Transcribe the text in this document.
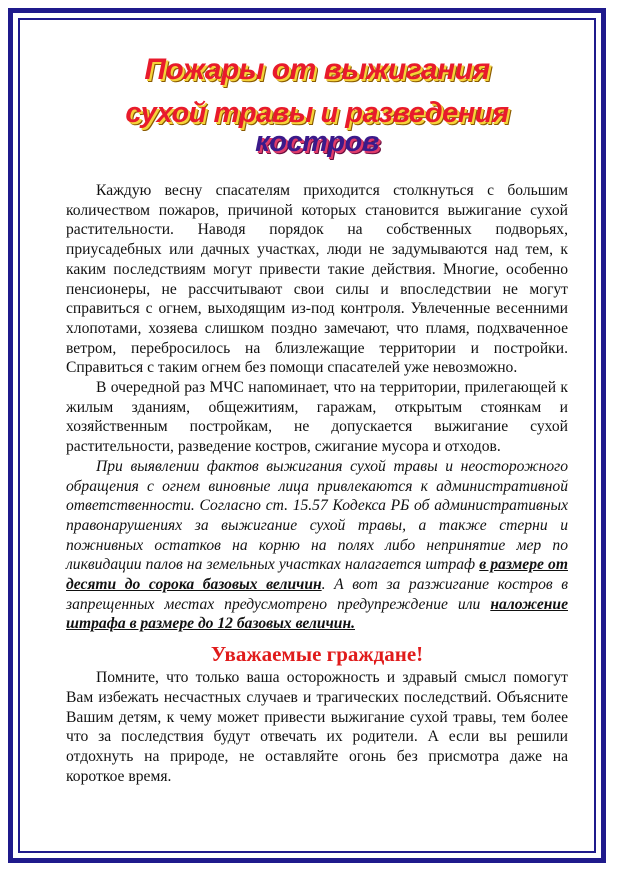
Пожары от выжигания
сухой травы и разведения костров

Каждую весну спасателям приходится столкнуться с большим количеством пожаров, причиной которых становится выжигание сухой растительности. Наводя порядок на собственных подворьях, приусадебных или дачных участках, люди не задумываются над тем, к каким последствиям могут привести такие действия. Многие, особенно пенсионеры, не рассчитывают свои силы и впоследствии не могут справиться с огнем, выходящим из-под контроля. Увлеченные весенними хлопотами, хозяева слишком поздно замечают, что пламя, подхваченное ветром, перебросилось на близлежащие территории и постройки. Справиться с таким огнем без помощи спасателей уже невозможно.

В очередной раз МЧС напоминает, что на территории, прилегающей к жилым зданиям, общежитиям, гаражам, открытым стоянкам и хозяйственным постройкам, не допускается выжигание сухой растительности, разведение костров, сжигание мусора и отходов.

При выявлении фактов выжигания сухой травы и неосторожного обращения с огнем виновные лица привлекаются к административной ответственности. Согласно ст. 15.57 Кодекса РБ об административных правонарушениях за выжигание сухой травы, а также стерни и пожнивных остатков на корню на полях либо непринятие мер по ликвидации палов на земельных участках налагается штраф в размере от десяти до сорока базовых величин. А вот за разжигание костров в запрещенных местах предусмотрено предупреждение или наложение штрафа в размере до 12 базовых величин.

Уважаемые граждане!

Помните, что только ваша осторожность и здравый смысл помогут Вам избежать несчастных случаев и трагических последствий. Объясните Вашим детям, к чему может привести выжигание сухой травы, тем более что за последствия будут отвечать их родители. А если вы решили отдохнуть на природе, не оставляйте огонь без присмотра даже на короткое время.
